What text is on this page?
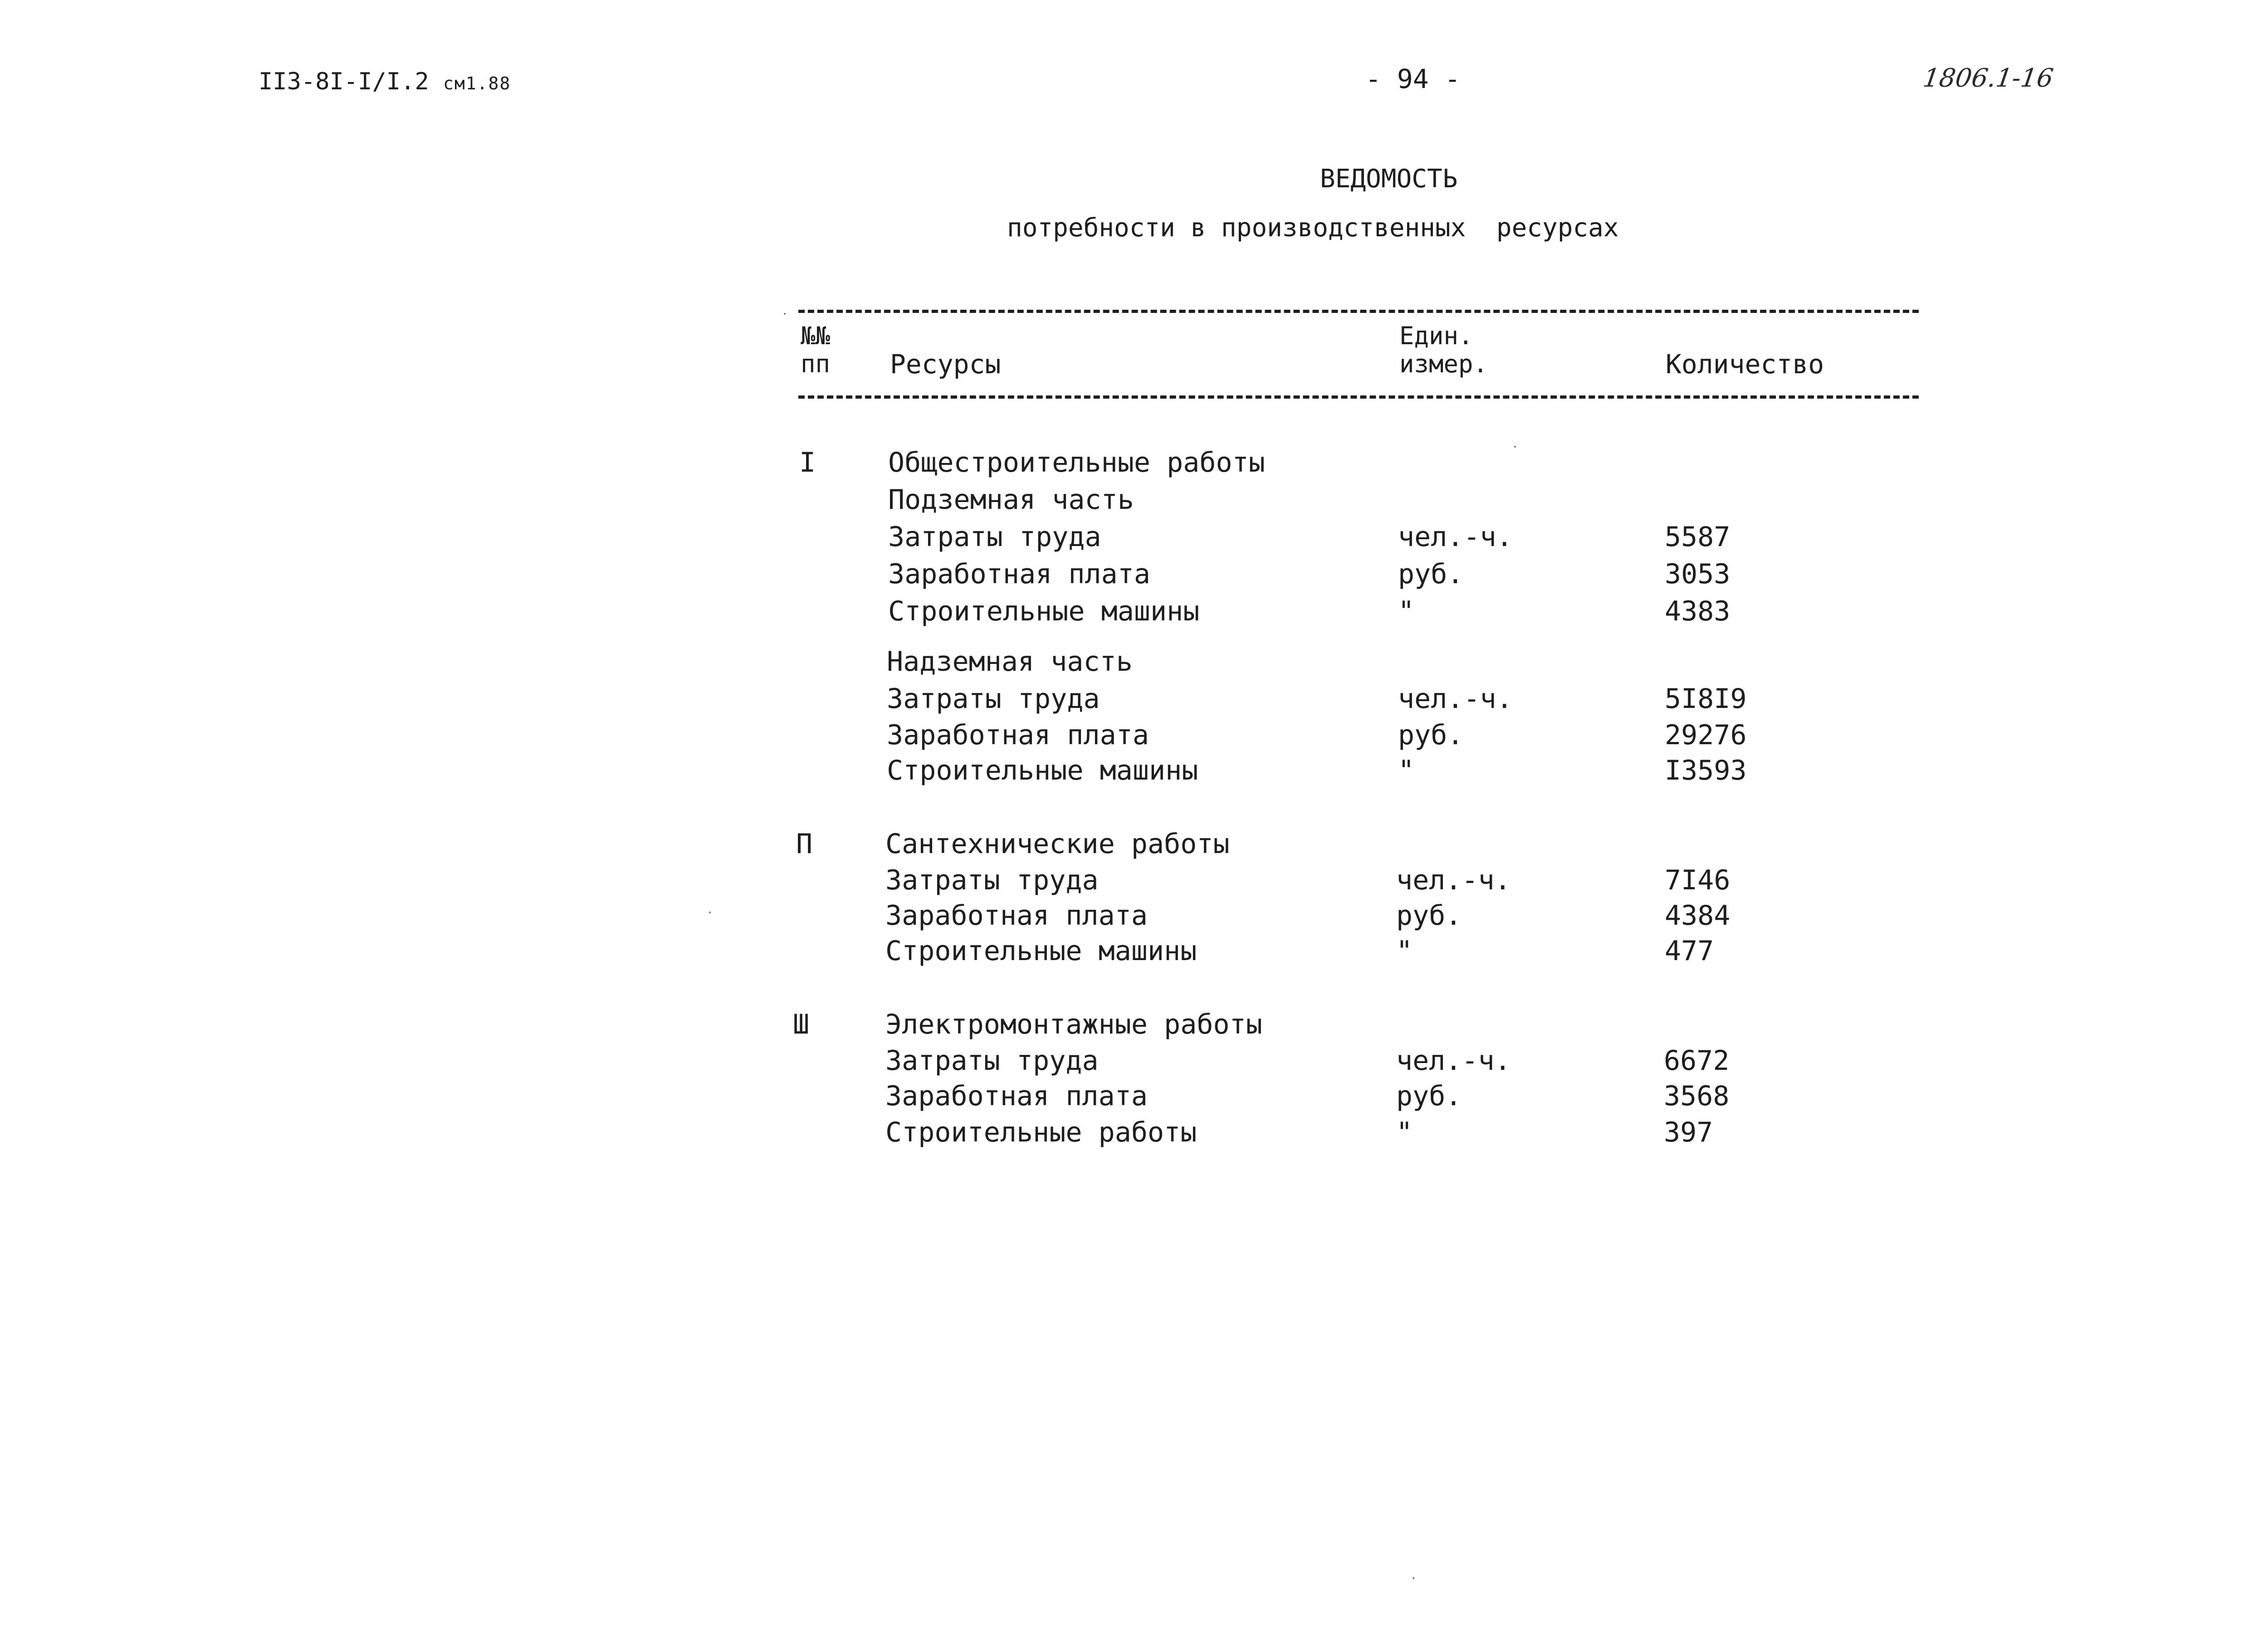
II3-8I-I/I.2 см1.88	- 94 -	1806.1-16
ВЕДОМОСТЬ
потребности в производственных  ресурсах
№№
пп Ресурсы
Един.
измер.	Количество
I	Общестроительные работы
Подземная часть
Затраты труда	чел.-ч.	5587
Заработная плата	руб.	3053
Строительные машины	"	4383
Надземная часть
Затраты труда	чел.-ч.	5I8I9
Заработная плата	руб.	29276
Строительные машины	"	I3593
П	Сантехнические работы
Затраты труда	чел.-ч.	7I46
Заработная плата	руб.	4384
Строительные машины	"	477
Ш	Электромонтажные работы
Затраты труда	чел.-ч.	6672
Заработная плата	руб.	3568
Строительные работы	"	397
